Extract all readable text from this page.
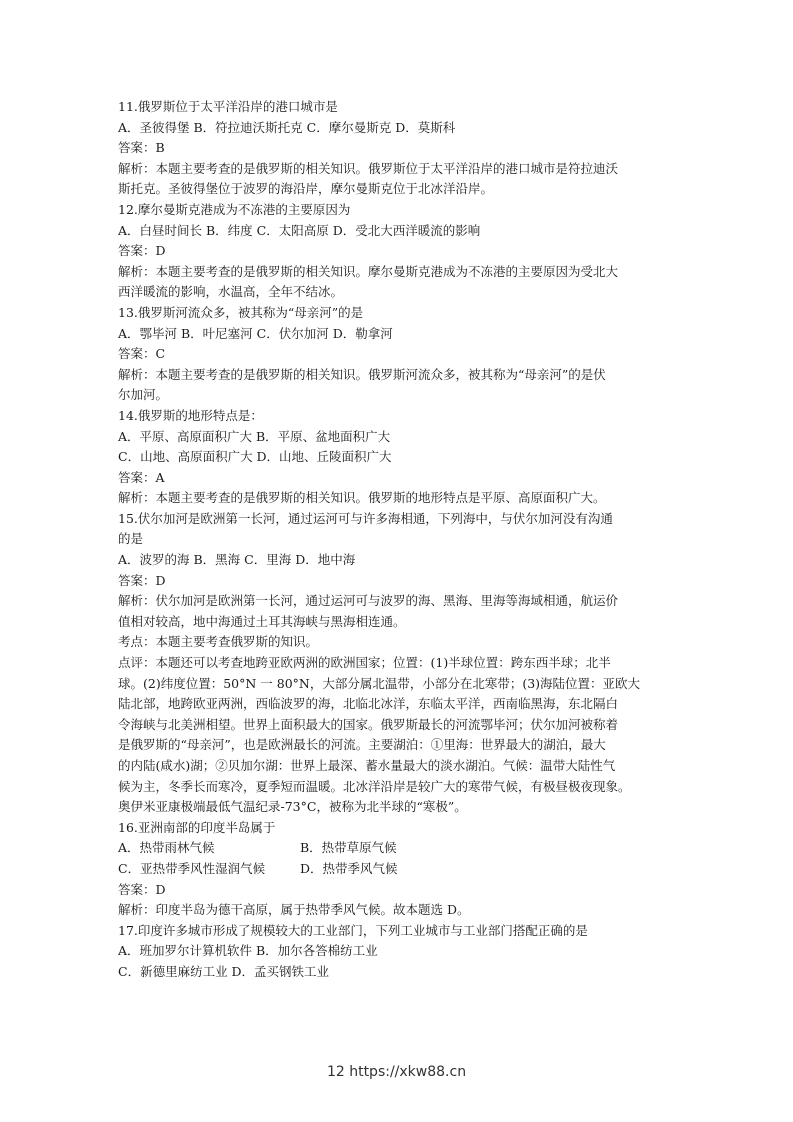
11.俄罗斯位于太平洋沿岸的港口城市是
A．圣彼得堡 B．符拉迪沃斯托克 C．摩尔曼斯克 D．莫斯科
答案：B
解析：本题主要考查的是俄罗斯的相关知识。俄罗斯位于太平洋沿岸的港口城市是符拉迪沃
斯托克。圣彼得堡位于波罗的海沿岸，摩尔曼斯克位于北冰洋沿岸。
12.摩尔曼斯克港成为不冻港的主要原因为
A．白昼时间长 B．纬度 C．太阳高原 D．受北大西洋暖流的影响
答案：D
解析：本题主要考查的是俄罗斯的相关知识。摩尔曼斯克港成为不冻港的主要原因为受北大
西洋暖流的影响，水温高，全年不结冰。
13.俄罗斯河流众多，被其称为“母亲河”的是
A．鄂毕河 B．叶尼塞河 C．伏尔加河 D．勒拿河
答案：C
解析：本题主要考查的是俄罗斯的相关知识。俄罗斯河流众多，被其称为“母亲河”的是伏
尔加河。
14.俄罗斯的地形特点是：
A．平原、高原面积广大 B．平原、盆地面积广大
C．山地、高原面积广大 D．山地、丘陵面积广大
答案：A
解析：本题主要考查的是俄罗斯的相关知识。俄罗斯的地形特点是平原、高原面积广大。
15.伏尔加河是欧洲第一长河，通过运河可与许多海相通，下列海中，与伏尔加河没有沟通
的是
A．波罗的海 B．黑海 C．里海 D．地中海
答案：D
解析：伏尔加河是欧洲第一长河，通过运河可与波罗的海、黑海、里海等海域相通，航运价
值相对较高，地中海通过土耳其海峡与黑海相连通。
考点：本题主要考查俄罗斯的知识。
点评：本题还可以考查地跨亚欧两洲的欧洲国家；位置：(1)半球位置：跨东西半球；北半
球。(2)纬度位置：50°N 一 80°N，大部分属北温带，小部分在北寒带；(3)海陆位置：亚欧大
陆北部，地跨欧亚两洲，西临波罗的海，北临北冰洋，东临太平洋，西南临黑海，东北隔白
令海峡与北美洲相望。世界上面积最大的国家。俄罗斯最长的河流鄂毕河；伏尔加河被称着
是俄罗斯的“母亲河”，也是欧洲最长的河流。主要湖泊：①里海：世界最大的湖泊，最大
的内陆(咸水)湖；②贝加尔湖：世界上最深、蓄水量最大的淡水湖泊。气候：温带大陆性气
候为主，冬季长而寒冷，夏季短而温暖。北冰洋沿岸是较广大的寒带气候，有极昼极夜现象。
奥伊米亚康极端最低气温纪录-73°C，被称为北半球的“寒极”。
16.亚洲南部的印度半岛属于
A．热带雨林气候	B．热带草原气候
C．亚热带季风性湿润气候	D．热带季风气候
答案：D
解析：印度半岛为德干高原，属于热带季风气候。故本题选 D。
17.印度许多城市形成了规模较大的工业部门，下列工业城市与工业部门搭配正确的是
A．班加罗尔计算机软件 B．加尔各答棉纺工业
C．新德里麻纺工业 D．孟买钢铁工业
12 https://xkw88.cn
